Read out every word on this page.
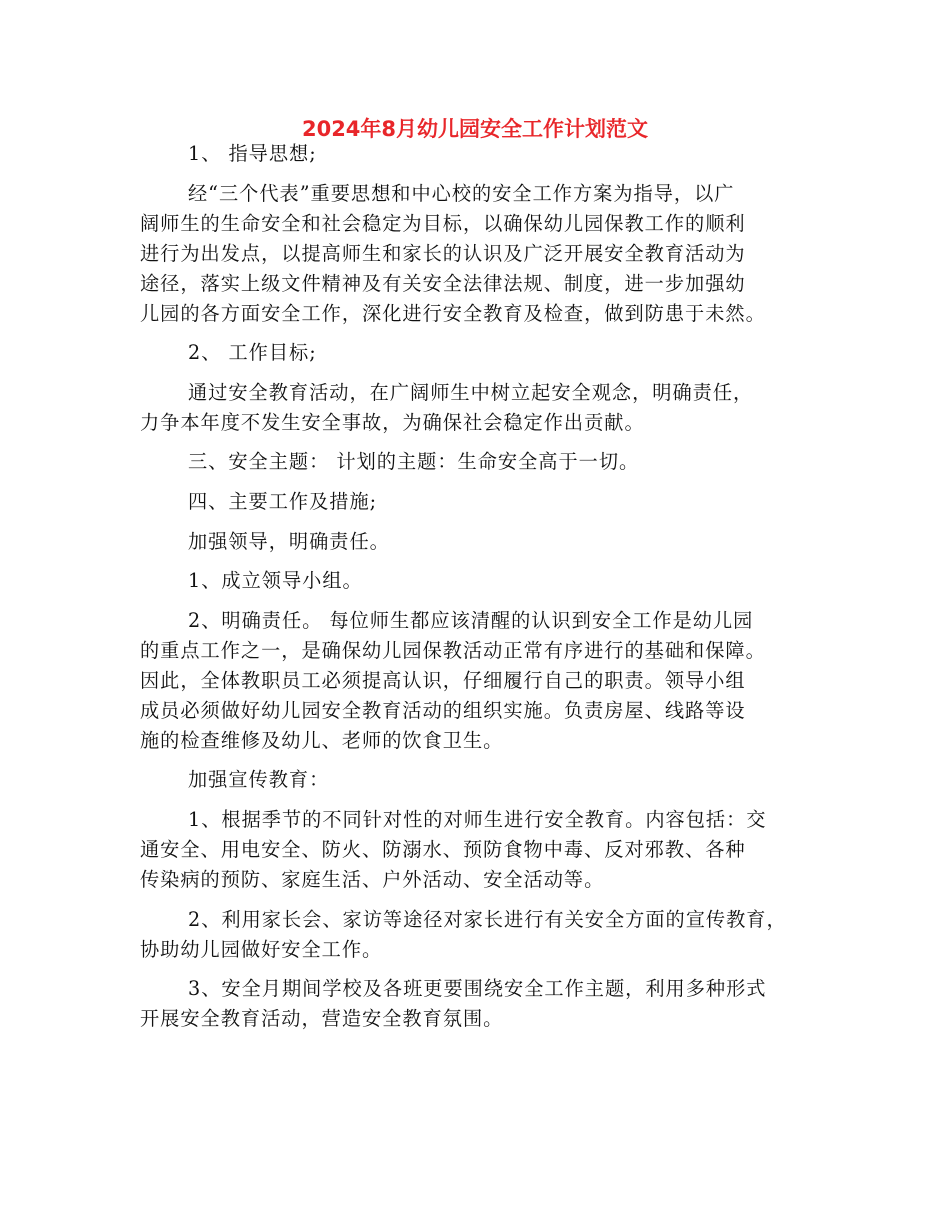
2024年8月幼儿园安全工作计划范文

1、 指导思想;

经“三个代表”重要思想和中心校的安全工作方案为指导，以广

阔师生的生命安全和社会稳定为目标，以确保幼儿园保教工作的顺利

进行为出发点，以提高师生和家长的认识及广泛开展安全教育活动为

途径，落实上级文件精神及有关安全法律法规、制度，进一步加强幼

儿园的各方面安全工作，深化进行安全教育及检查，做到防患于未然。

2、 工作目标;

通过安全教育活动，在广阔师生中树立起安全观念，明确责任，

力争本年度不发生安全事故，为确保社会稳定作出贡献。

三、安全主题： 计划的主题：生命安全高于一切。

四、主要工作及措施;

加强领导，明确责任。

1、成立领导小组。

2、明确责任。 每位师生都应该清醒的认识到安全工作是幼儿园

的重点工作之一，是确保幼儿园保教活动正常有序进行的基础和保障。

因此，全体教职员工必须提高认识，仔细履行自己的职责。领导小组

成员必须做好幼儿园安全教育活动的组织实施。负责房屋、线路等设

施的检查维修及幼儿、老师的饮食卫生。

加强宣传教育：

1、根据季节的不同针对性的对师生进行安全教育。内容包括：交

通安全、用电安全、防火、防溺水、预防食物中毒、反对邪教、各种

传染病的预防、家庭生活、户外活动、安全活动等。

2、利用家长会、家访等途径对家长进行有关安全方面的宣传教育，

协助幼儿园做好安全工作。

3、安全月期间学校及各班更要围绕安全工作主题，利用多种形式

开展安全教育活动，营造安全教育氛围。
